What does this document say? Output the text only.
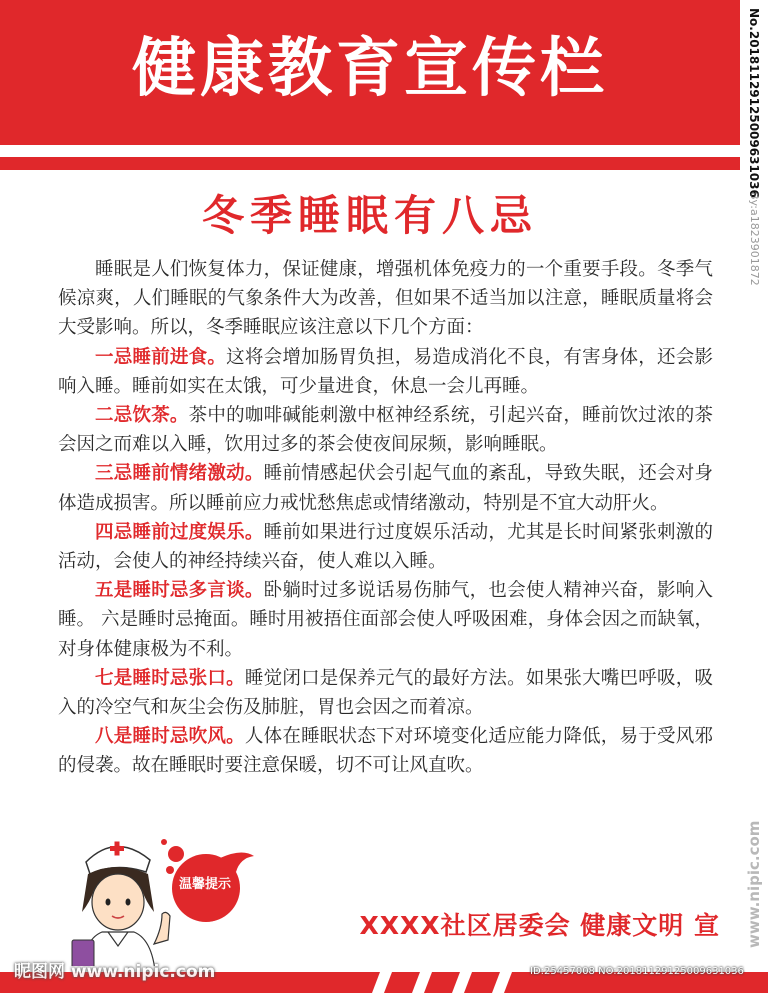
健康教育宣传栏	No.20181129125009631036
By:a1823901872
www.nipic.com
冬季睡眠有八忌

睡眠是人们恢复体力，保证健康，增强机体免疫力的一个重要手段。冬季气候凉爽，人们睡眠的气象条件大为改善，但如果不适当加以注意，睡眠质量将会大受影响。所以，冬季睡眠应该注意以下几个方面：

一忌睡前进食。这将会增加肠胃负担，易造成消化不良，有害身体，还会影响入睡。睡前如实在太饿，可少量进食，休息一会儿再睡。

二忌饮茶。茶中的咖啡碱能刺激中枢神经系统，引起兴奋，睡前饮过浓的茶会因之而难以入睡，饮用过多的茶会使夜间尿频，影响睡眠。

三忌睡前情绪激动。睡前情感起伏会引起气血的紊乱，导致失眠，还会对身体造成损害。所以睡前应力戒忧愁焦虑或情绪激动，特别是不宜大动肝火。

四忌睡前过度娱乐。睡前如果进行过度娱乐活动，尤其是长时间紧张刺激的活动，会使人的神经持续兴奋，使人难以入睡。

五是睡时忌多言谈。卧躺时过多说话易伤肺气，也会使人精神兴奋，影响入睡。 六是睡时忌掩面。睡时用被捂住面部会使人呼吸困难，身体会因之而缺氧，对身体健康极为不利。

七是睡时忌张口。睡觉闭口是保养元气的最好方法。如果张大嘴巴呼吸，吸入的冷空气和灰尘会伤及肺脏，胃也会因之而着凉。

八是睡时忌吹风。人体在睡眠状态下对环境变化适应能力降低，易于受风邪的侵袭。故在睡眠时要注意保暖，切不可让风直吹。

温馨提示
XXXX社区居委会 健康文明 宣
昵图网 www.nipic.com	ID:25457008 NO:20181129125009631036
